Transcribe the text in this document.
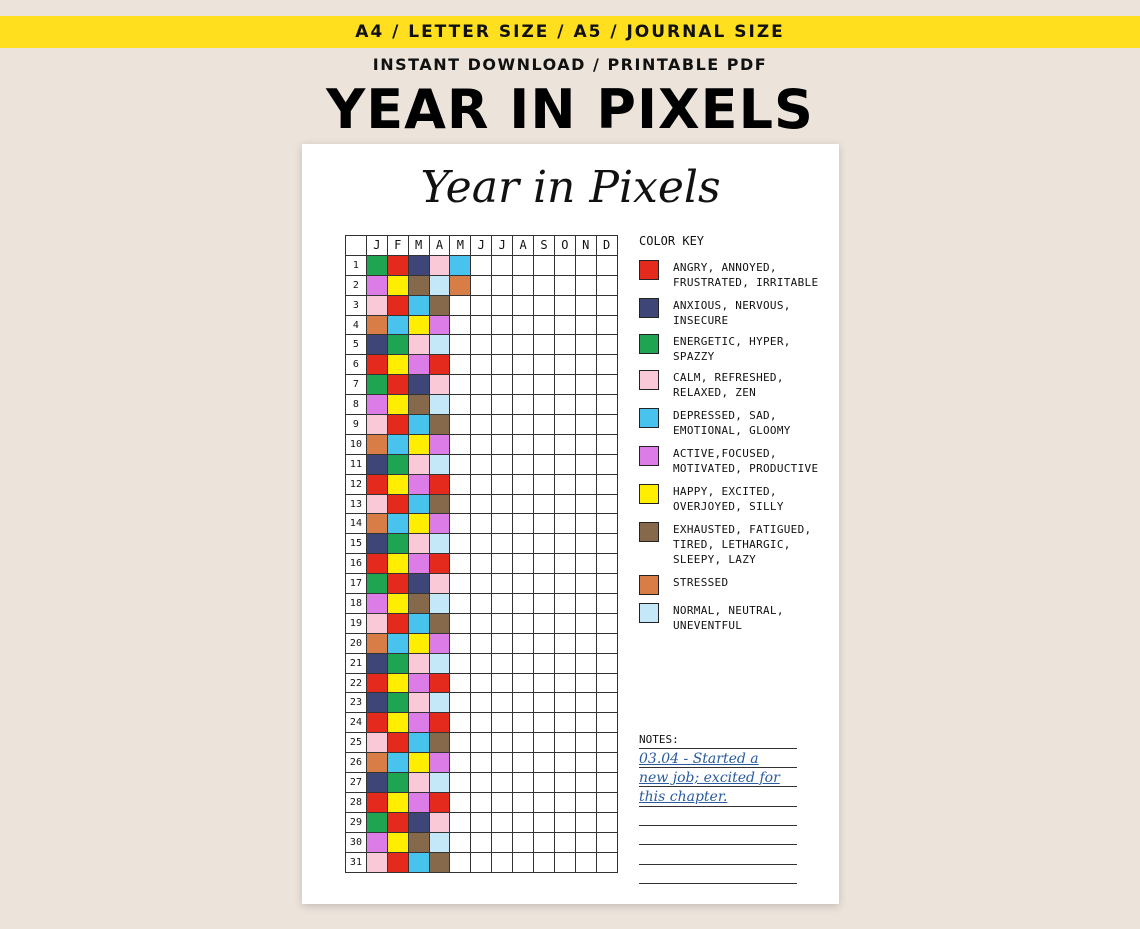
A4 / LETTER SIZE / A5 / JOURNAL SIZE
INSTANT DOWNLOAD / PRINTABLE PDF
YEAR IN PIXELS
Year in Pixels
	J	F	M	A	M	J	J	A	S	O	N	D
1												
2												
3												
4												
5												
6												
7												
8												
9												
10												
11												
12												
13												
14												
15												
16												
17												
18												
19												
20												
21												
22												
23												
24												
25												
26												
27												
28												
29												
30												
31												
COLOR KEY
ANGRY, ANNOYED,
FRUSTRATED, IRRITABLE
ANXIOUS, NERVOUS,
INSECURE
ENERGETIC, HYPER,
SPAZZY
CALM, REFRESHED,
RELAXED, ZEN
DEPRESSED, SAD,
EMOTIONAL, GLOOMY
ACTIVE,FOCUSED,
MOTIVATED, PRODUCTIVE
HAPPY, EXCITED,
OVERJOYED, SILLY
EXHAUSTED, FATIGUED,
TIRED, LETHARGIC,
SLEEPY, LAZY
STRESSED
NORMAL, NEUTRAL,
UNEVENTFUL
NOTES:
03.04 - Started a
new job; excited for
this chapter.
